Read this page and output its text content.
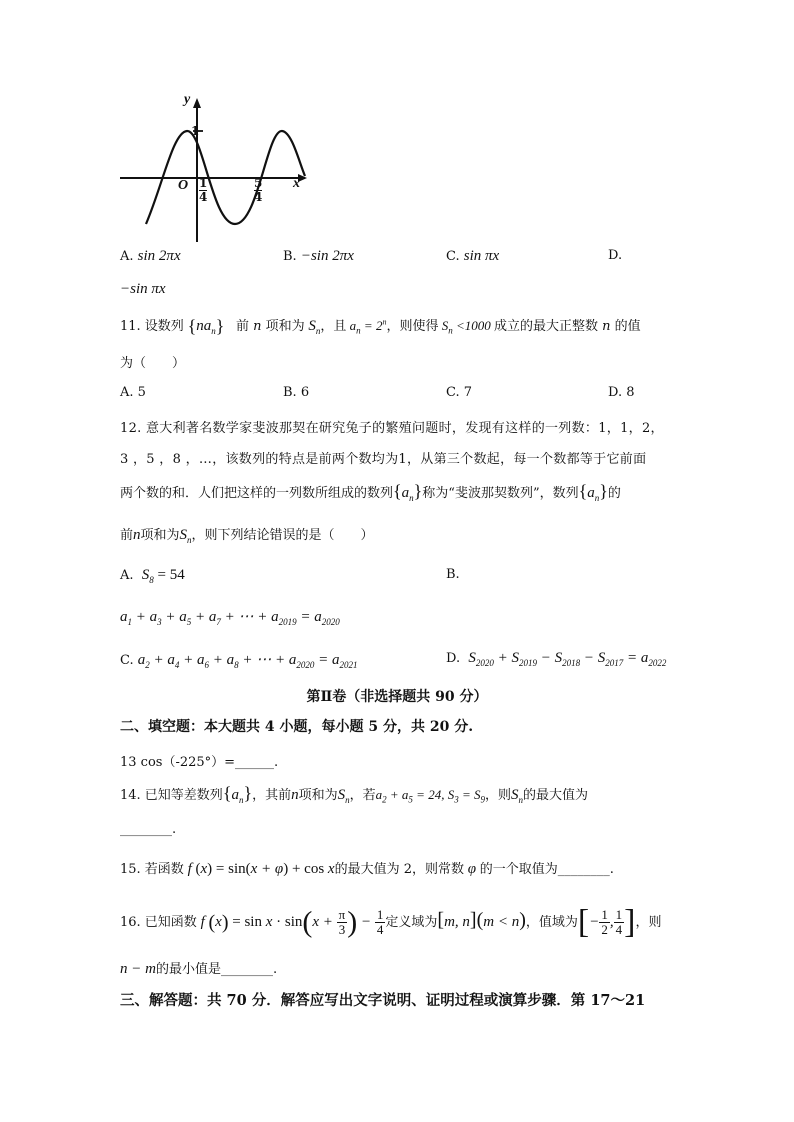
y
x
O
1
1
4
5
4
A. sin 2πx	B. −sin 2πx	C. sin πx	D.
−sin πx
11. 设数列 $\{na_n\}$ 前 n 项和为 $S_n$，且 $a_n = 2^n$，则使得 $S_n <1000$ 成立的最大正整数 n 的值
为（　　）
A. 5	B. 6	C. 7	D. 8
12. 意大利著名数学家斐波那契在研究兔子的繁殖问题时，发现有这样的一列数：1，1，2，
3 ，5 ，8 ，…，该数列的特点是前两个数均为1，从第三个数起，每一个数都等于它前面
两个数的和．人们把这样的一列数所组成的数列$\{a_n\}$称为“斐波那契数列”，数列$\{a_n\}$的
前n项和为$S_n$，则下列结论错误的是（　　）
A. $S_8 = 54$	B.
$a_1 + a_3 + a_5 + a_7$ + ⋯ + $a_{2019} = a_{2020}$
C. $a_2 + a_4 + a_6 + a_8$ + ⋯ + $a_{2020} = a_{2021}$	D. $S_{2020} + S_{2019} - S_{2018} - S_{2017} = a_{2022}$
第Ⅱ卷（非选择题共 90 分）
二、填空题：本大题共 4 小题，每小题 5 分，共 20 分.
13 cos（-225°）=______.
14. 已知等差数列$\{a_n\}$，其前n项和为$S_n$，若$a_2 + a_5 = 24$, $S_3 = S_9$，则$S_n$的最大值为
________.
15. 若函数 f (x) = sin(x + φ) + cos x的最大值为 2，则常数 φ 的一个取值为________.
16. 已知函数 f $(x) = \sin x \cdot \sin(x + \frac{\pi}{3}$ ) − $\frac{1}{4}$ 定义域为[m, n](m < n)，值域为[− $\frac{1}{2}$ , $\frac{1}{4}$ ]，则
n − m的最小值是________.
三、解答题：共 70 分．解答应写出文字说明、证明过程或演算步骤．第 17～21
